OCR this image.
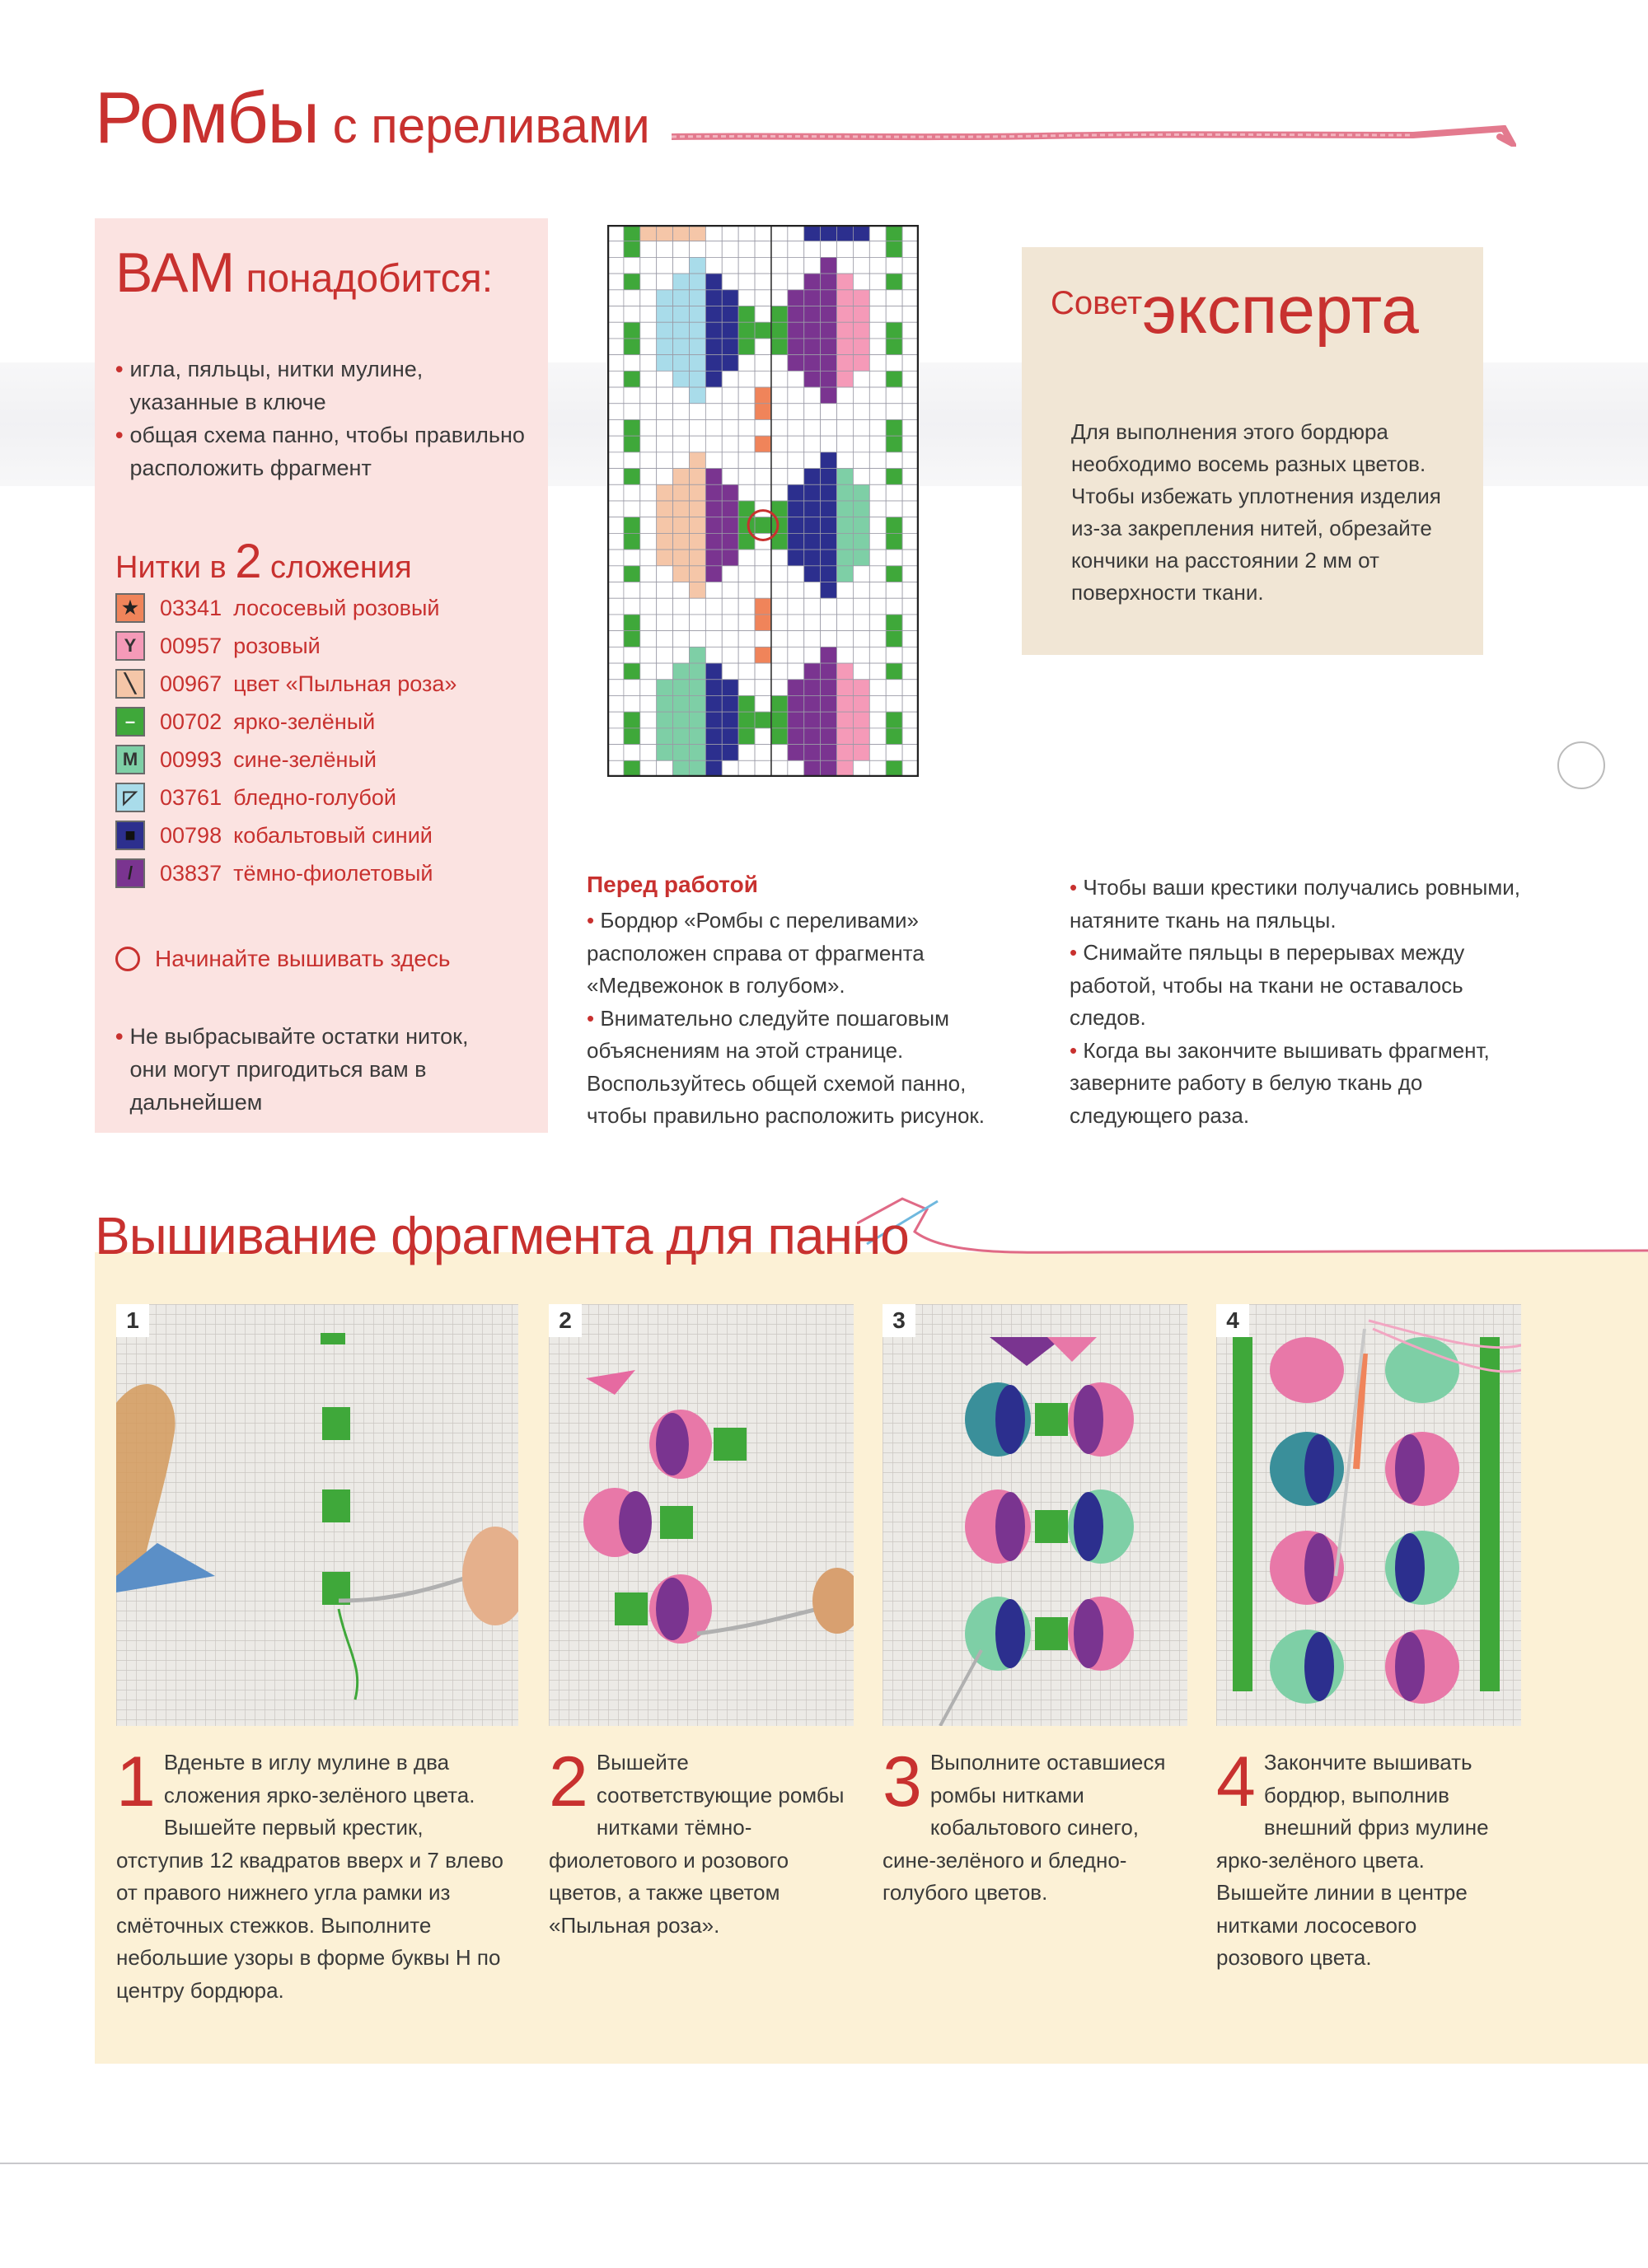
Ромбы с переливами
ВАМ понадобится:
• игла, пяльцы, нитки мулине, указанные в ключе
• общая схема панно, чтобы правильно расположить фрагмент
Нитки в 2 сложения
★ 03341 лососевый розовый
Y	00957 розовый
╲	00967 цвет «Пыльная роза»
–	00702 ярко-зелёный
M 00993 сине-зелёный
◸	03761 бледно-голубой
■	00798 кобальтовый синий
/	03837 тёмно-фиолетовый
Начинайте вышивать здесь
• Не выбрасывайте остатки ниток, они могут пригодиться вам в дальнейшем
Советэксперта
Для выполнения этого бордюра необходимо восемь разных цветов. Чтобы избежать уплотнения изделия из-за закрепления нитей, обрезайте кончики на расстоянии 2 мм от поверхности ткани.
Перед работой
• Бордюр «Ромбы с переливами» расположен справа от фрагмента «Медвежонок в голубом».
• Внимательно следуйте пошаговым объяснениям на этой странице. Воспользуйтесь общей схемой панно, чтобы правильно расположить рисунок.
• Чтобы ваши крестики получались ровными, натяните ткань на пяльцы.
• Снимайте пяльцы в перерывах между работой, чтобы на ткани не оставалось следов.
• Когда вы закончите вышивать фрагмент, заверните работу в белую ткань до следующего раза.
Вышивание фрагмента для панно
1	2	3	4
1 Вденьте в иглу мулине в два сложения ярко-зелёного цвета. Вышейте первый крестик, отступив 12 квадратов вверх и 7 влево от правого нижнего угла рамки из смёточных стежков. Выполните небольшие узоры в форме буквы Н по центру бордюра.
2 Вышейте соответствующие ромбы нитками тёмно-фиолетового и розового цветов, а также цветом «Пыльная роза».
3 Выполните оставшиеся ромбы нитками кобальтового синего, сине-зелёного и бледно-голубого цветов.
4 Закончите вышивать бордюр, выполнив внешний фриз мулине ярко-зелёного цвета. Вышейте линии в центре нитками лососевого розового цвета.
